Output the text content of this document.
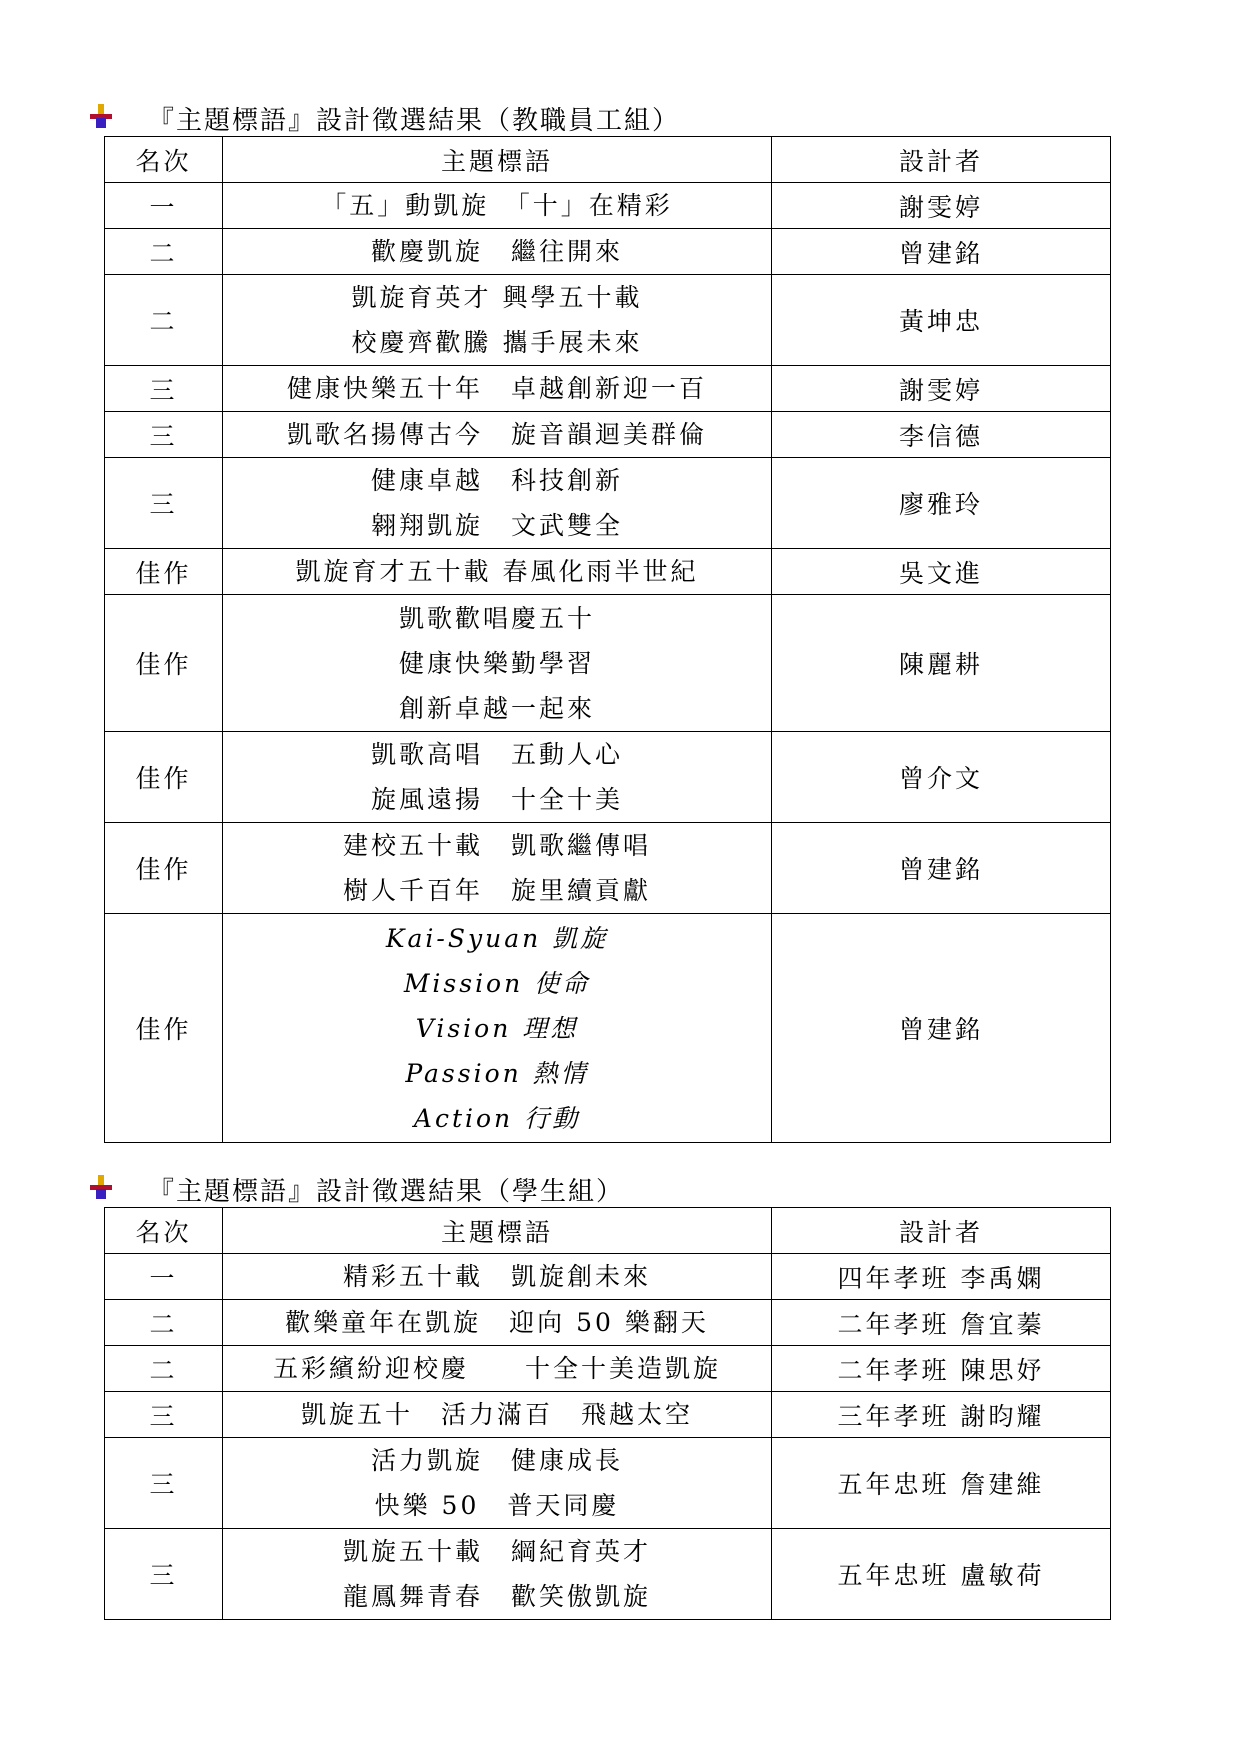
『主題標語』設計徵選結果（教職員工組）
名次	主題標語	設計者
一	「五」動凱旋　「十」在精彩	謝雯婷
二	歡慶凱旋　繼往開來	曾建銘
二	凱旋育英才 興學五十載
校慶齊歡騰 攜手展未來	黃坤忠
三	健康快樂五十年　卓越創新迎一百	謝雯婷
三	凱歌名揚傳古今　旋音韻迴美群倫	李信德
三	健康卓越　科技創新
翱翔凱旋　文武雙全	廖雅玲
佳作	凱旋育才五十載 春風化雨半世紀	吳文進
佳作	凱歌歡唱慶五十
健康快樂勤學習
創新卓越一起來	陳麗耕
佳作	凱歌高唱　五動人心
旋風遠揚　十全十美	曾介文
佳作	建校五十載　凱歌繼傳唱
樹人千百年　旋里續貢獻	曾建銘
佳作	Kai-Syuan 凱旋
Mission 使命
Vision 理想
Passion 熱情
Action 行動	曾建銘
『主題標語』設計徵選結果（學生組）
名次	主題標語	設計者
一	精彩五十載　凱旋創未來	四年孝班 李禹嫻
二	歡樂童年在凱旋　迎向 50 樂翻天	二年孝班 詹宜蓁
二	五彩繽紛迎校慶　　十全十美造凱旋	二年孝班 陳思妤
三	凱旋五十　活力滿百　飛越太空	三年孝班 謝昀耀
三	活力凱旋　健康成長
快樂 50　普天同慶	五年忠班 詹建維
三	凱旋五十載　綱紀育英才
龍鳳舞青春　歡笑傲凱旋	五年忠班 盧敏荷
